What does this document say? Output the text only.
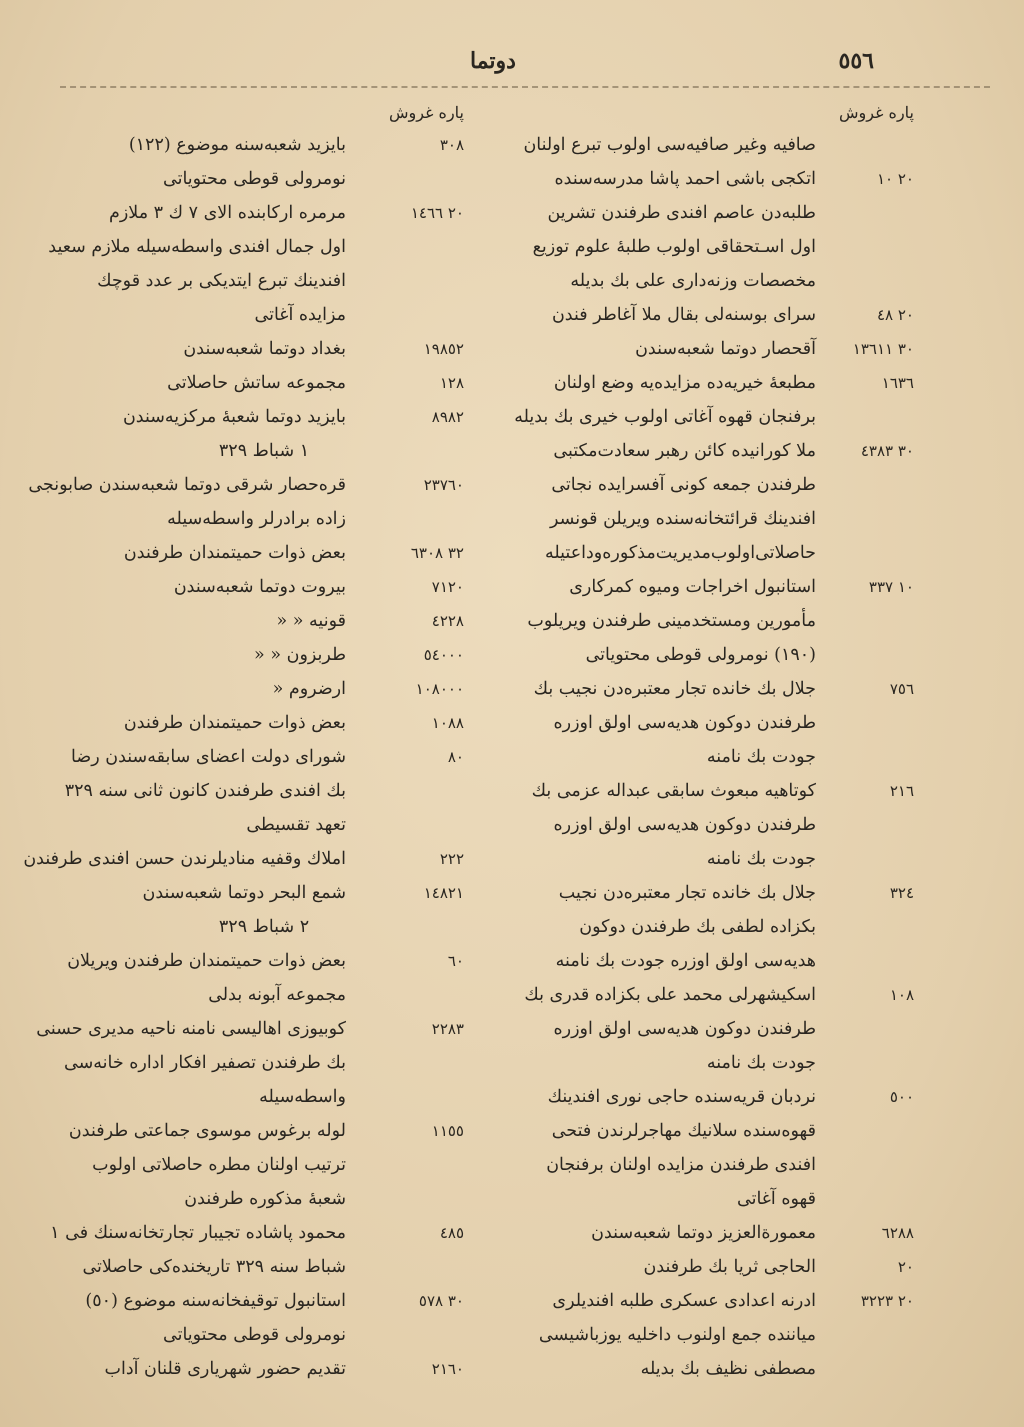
٥٥٦
دوتما
پاره غروش
صافیه وغیر صافیه‌سی اولوب تبرع اولنان
۲۰ ۱۰اتکجی باشی احمد پاشا مدرسه‌سنده
طلبه‌دن عاصم افندی طرفندن تشرین
اول اسـتحقاقی اولوب طلبۀ علوم توزیع
مخصصات وزنه‌داری علی بك بدیله
۲۰ ٤٨سرای بوسنه‌لی بقال ملا آغاطر فندن
۳۰ ۱۳٦۱۱آقحصار دوتما شعبه‌سندن
۱٦۳٦مطبعۀ خیریه‌ده مزایده‌یه وضع اولنان
برفنجان قهوه آغاتی اولوب خیری بك بدیله
۳۰ ٤۳۸۳ملا کورانیده کائن رهبر سعادت‌مکتبی
طرفندن جمعه کونی آفسرایده نجاتی
افندینك قرائتخانه‌سنده ویریلن قونسر
حاصلاتی‌اولوب‌مدیریت‌مذکوره‌وداعتیله
۱۰ ۳۳۷استانبول اخراجات ومیوه کمرکاری
مأمورین ومستخدمینی طرفندن ویریلوب
(۱۹۰) نومرولی قوطی محتویاتی
۷٥٦جلال بك خانده تجار معتبره‌دن نجیب بك
طرفندن دوکون هدیه‌سی اولق اوزره
جودت بك نامنه
۲۱٦کوتاهیه مبعوث سابقی عبداله عزمی بك
طرفندن دوکون هدیه‌سی اولق اوزره
جودت بك نامنه
۳۲٤جلال بك خانده تجار معتبره‌دن نجیب
بکزاده لطفی بك طرفندن دوکون
هدیه‌سی اولق اوزره جودت بك نامنه
۱۰۸اسکیشهرلی محمد علی بکزاده قدری بك
طرفندن دوکون هدیه‌سی اولق اوزره
جودت بك نامنه
٥۰۰نردبان قریه‌سنده حاجی نوری افندینك
قهوه‌سنده سلانیك مهاجرلرندن فتحی
افندی طرفندن مزایده اولنان برفنجان
قهوه آغاتی
٦۲۸۸معمورة‌العزیز دوتما شعبه‌سندن
۲۰الحاجی ثریا بك طرفندن
۲۰ ۳۲۲۳ادرنه اعدادی عسکری طلبه افندیلری
میاننده جمع اولنوب داخلیه یوزباشیسی
مصطفی نظیف بك بدیله
پاره غروش
۳۰۸بایزید شعبه‌سنه موضوع (۱۲۲)
نومرولی قوطی محتویاتی
۲۰ ۱٤٦٦مرمره ارکابنده الای ۷ ك ۳ ملازم
اول جمال افندی واسطه‌سیله ملازم سعید
افندینك تبرع ایتدیکی بر عدد قوچك
مزایده آغاتی
۱۹۸٥۲بغداد دوتما شعبه‌سندن
۱۲۸مجموعه ساتش حاصلاتی
۸۹۸۲بایزید دوتما شعبۀ مرکزیه‌سندن
۱ شباط ۳۲۹
۲۳۷٦۰قره‌حصار شرقی دوتما شعبه‌سندن صابونجی
زاده برادرلر واسطه‌سیله
۳۲ ٦۳۰۸بعض ذوات حمیتمندان طرفندن
۷۱۲۰بیروت دوتما شعبه‌سندن
٤۲۲۸قونیه « «
٥٤۰۰۰طربزون « «
۱۰۸۰۰۰ارضروم «
۱۰۸۸بعض ذوات حمیتمندان طرفندن
۸۰شورای دولت اعضای سابقه‌سندن رضا
بك افندی طرفندن کانون ثانی سنه ۳۲۹
تعهد تقسیطی
۲۲۲املاك وقفیه منادیلرندن حسن افندی طرفندن
۱٤۸۲۱شمع البحر دوتما شعبه‌سندن
۲ شباط ۳۲۹
٦۰بعض ذوات حمیتمندان طرفندن ویریلان
مجموعه آبونه بدلی
۲۲۸۳کوبیوزی اهالیسی نامنه ناحیه مدیری حسنی
بك طرفندن تصفیر افکار اداره خانه‌سی
واسطه‌سیله
۱۱٥٥لوله برغوس موسوی جماعتی طرفندن
ترتیب اولنان مطره حاصلاتی اولوب
شعبۀ مذکوره طرفندن
٤۸٥محمود پاشاده تجیبار تجارتخانه‌سنك فی ۱
شباط سنه ۳۲۹ تاریخنده‌کی حاصلاتی
۳۰ ٥۷۸استانبول توقیفخانه‌سنه موضوع (٥۰)
نومرولی قوطی محتویاتی
۲۱٦۰تقدیم حضور شهریاری قلنان آداب
